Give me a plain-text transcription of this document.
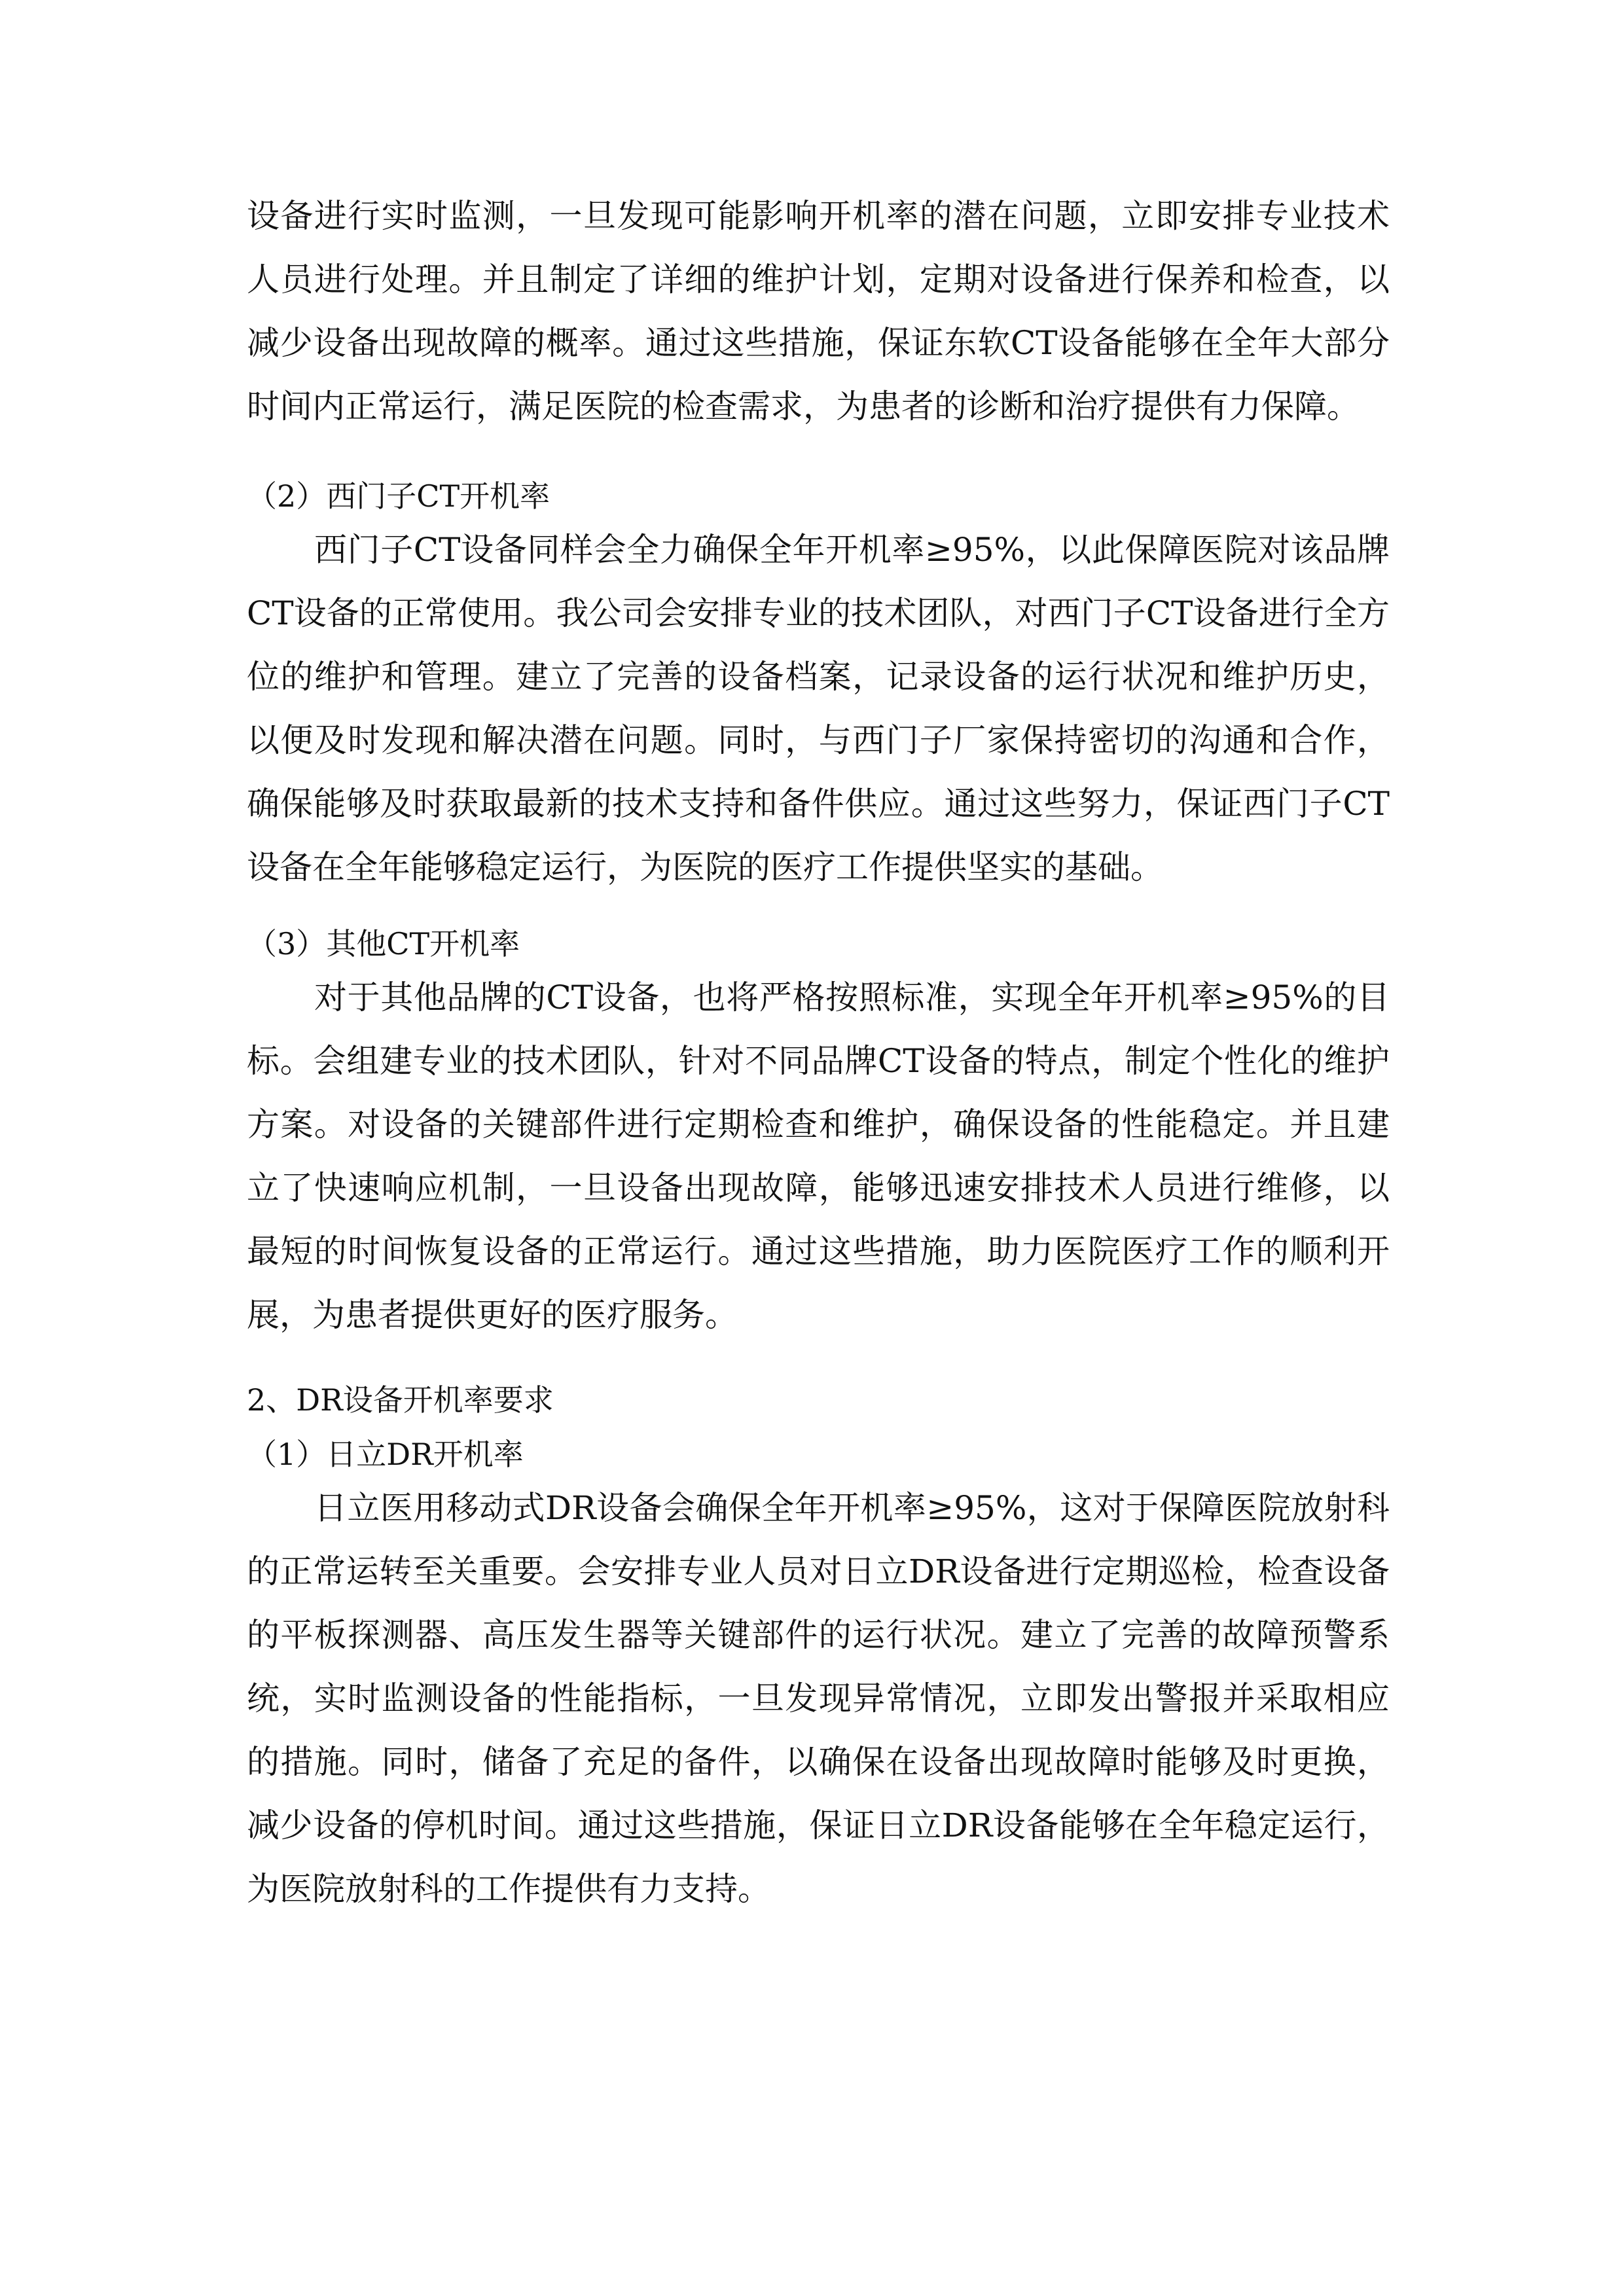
设备进行实时监测，一旦发现可能影响开机率的潜在问题，立即安排专业技术人员进行处理。并且制定了详细的维护计划，定期对设备进行保养和检查，以减少设备出现故障的概率。通过这些措施，保证东软CT设备能够在全年大部分时间内正常运行，满足医院的检查需求，为患者的诊断和治疗提供有力保障。

（2）西门子CT开机率

西门子CT设备同样会全力确保全年开机率≥95%，以此保障医院对该品牌CT设备的正常使用。我公司会安排专业的技术团队，对西门子CT设备进行全方位的维护和管理。建立了完善的设备档案，记录设备的运行状况和维护历史，以便及时发现和解决潜在问题。同时，与西门子厂家保持密切的沟通和合作，确保能够及时获取最新的技术支持和备件供应。通过这些努力，保证西门子CT设备在全年能够稳定运行，为医院的医疗工作提供坚实的基础。

（3）其他CT开机率

对于其他品牌的CT设备，也将严格按照标准，实现全年开机率≥95%的目标。会组建专业的技术团队，针对不同品牌CT设备的特点，制定个性化的维护方案。对设备的关键部件进行定期检查和维护，确保设备的性能稳定。并且建立了快速响应机制，一旦设备出现故障，能够迅速安排技术人员进行维修，以最短的时间恢复设备的正常运行。通过这些措施，助力医院医疗工作的顺利开展，为患者提供更好的医疗服务。

2、DR设备开机率要求

（1）日立DR开机率

日立医用移动式DR设备会确保全年开机率≥95%，这对于保障医院放射科的正常运转至关重要。会安排专业人员对日立DR设备进行定期巡检，检查设备的平板探测器、高压发生器等关键部件的运行状况。建立了完善的故障预警系统，实时监测设备的性能指标，一旦发现异常情况，立即发出警报并采取相应的措施。同时，储备了充足的备件，以确保在设备出现故障时能够及时更换，减少设备的停机时间。通过这些措施，保证日立DR设备能够在全年稳定运行，为医院放射科的工作提供有力支持。
